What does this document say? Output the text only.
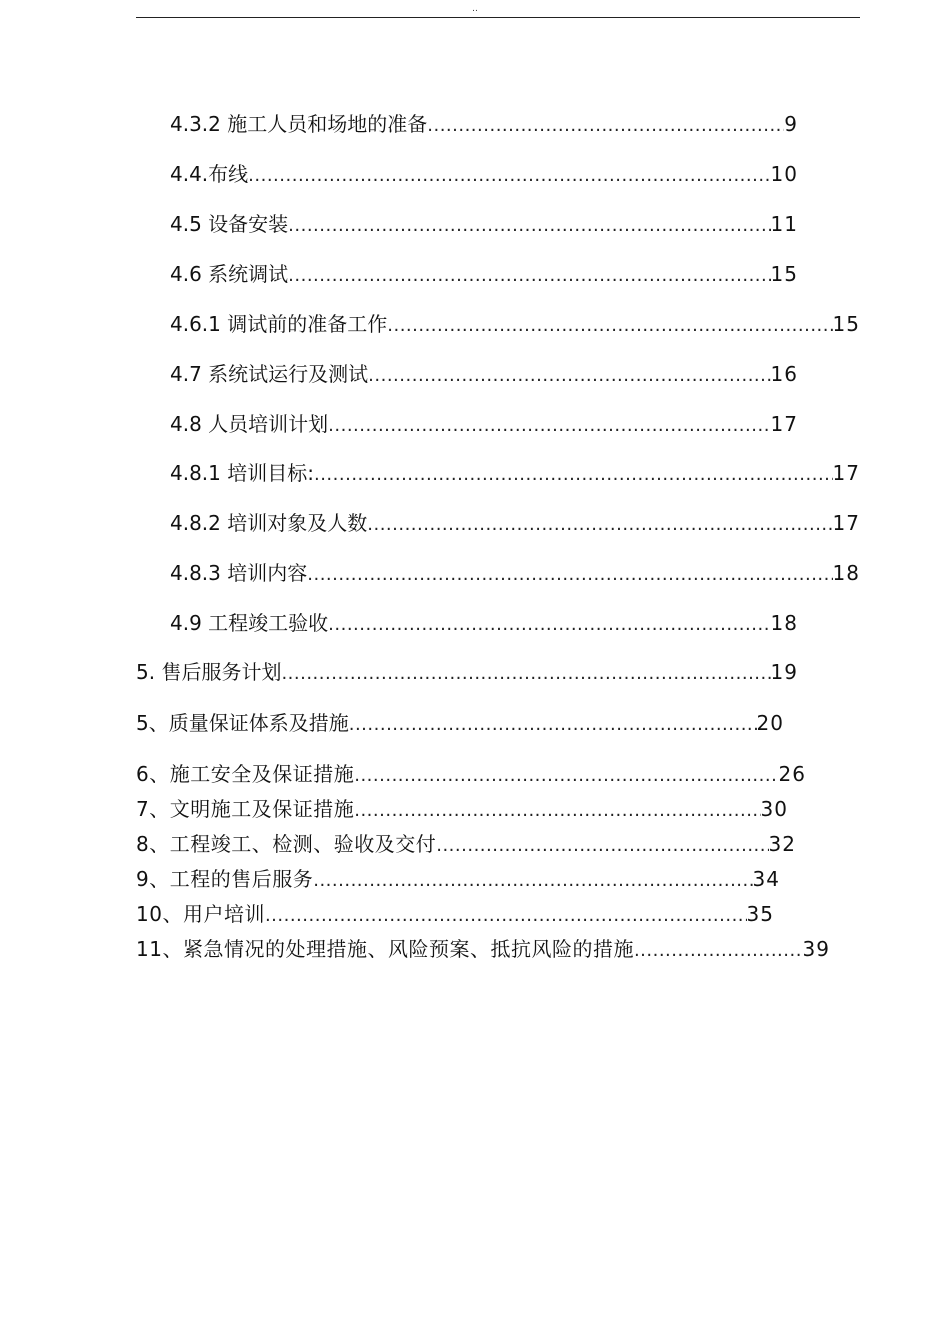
..
4.3.2 施工人员和场地的准备 .....	9
4.4.布线 .....	10
4.5 设备安装 .....	11
4.6 系统调试 .....	15
4.6.1 调试前的准备工作 .....	15
4.7 系统试运行及测试 .....	16
4.8 人员培训计划 .....	17
4.8.1 培训目标: .....	17
4.8.2 培训对象及人数 .....	17
4.8.3 培训内容 .....	18
4.9 工程竣工验收 .....	18
5. 售后服务计划 .....	19
5、质量保证体系及措施 .....	20
6、施工安全及保证措施 .....	26
7、文明施工及保证措施 .....	30
8、工程竣工、检测、验收及交付 .....	32
9、工程的售后服务 .....	34
10、用户培训 .....	35
11、紧急情况的处理措施、风险预案、抵抗风险的措施 .....	39
